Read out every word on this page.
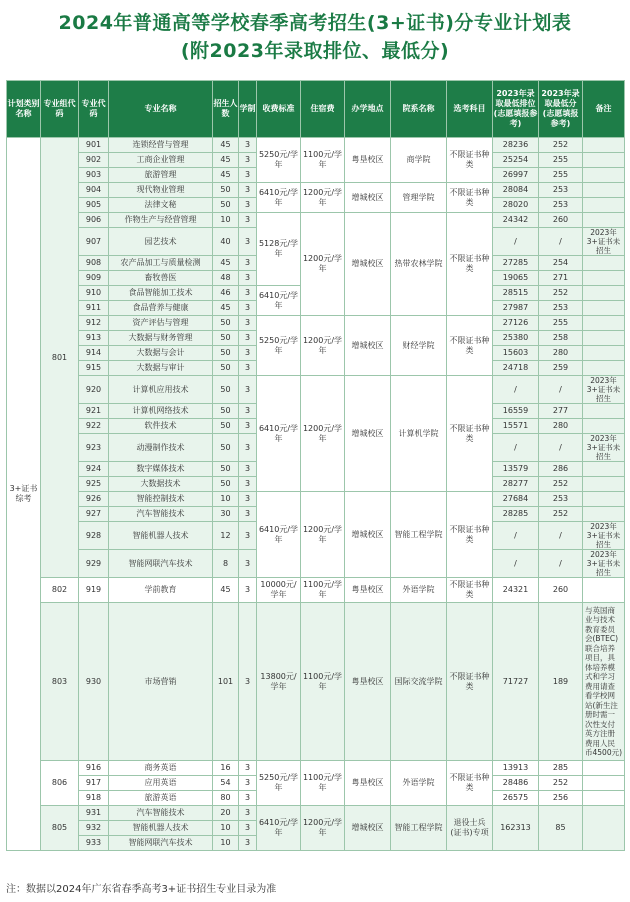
2024年普通高等学校春季高考招生(3+证书)分专业计划表
(附2023年录取排位、最低分)
计划类别名称	专业组代码	专业代码	专业名称	招生人数	学制	收费标准	住宿费	办学地点	院系名称	选考科目	2023年录取最低排位(志愿填报参考)	2023年录取最低分(志愿填报参考)	备注
3+证书综考	801	901	连锁经营与管理	45	3	5250元/学年	1100元/学年	粤垦校区	商学院	不限证书种类	28236	252	
		902	工商企业管理	45	3						25254	255	
		903	旅游管理	45	3						26997	255	
		904	现代物业管理	50	3	6410元/学年	1200元/学年	增城校区	管理学院	不限证书种类	28084	253	
		905	法律文秘	50	3						28020	253	
		906	作物生产与经营管理	10	3	5128元/学年	1200元/学年	增城校区	热带农林学院	不限证书种类	24342	260	
		907	园艺技术	40	3						/	/	2023年3+证书未招生
		908	农产品加工与质量检测	45	3						27285	254	
		909	畜牧兽医	48	3						19065	271	
		910	食品智能加工技术	46	3	6410元/学年					28515	252	
		911	食品营养与健康	45	3						27987	253	
		912	资产评估与管理	50	3	5250元/学年	1200元/学年	增城校区	财经学院	不限证书种类	27126	255	
		913	大数据与财务管理	50	3						25380	258	
		914	大数据与会计	50	3						15603	280	
		915	大数据与审计	50	3						24718	259	
		920	计算机应用技术	50	3	6410元/学年	1200元/学年	增城校区	计算机学院	不限证书种类	/	/	2023年3+证书未招生
		921	计算机网络技术	50	3						16559	277	
		922	软件技术	50	3						15571	280	
		923	动漫制作技术	50	3						/	/	2023年3+证书未招生
		924	数字媒体技术	50	3						13579	286	
		925	大数据技术	50	3						28277	252	
		926	智能控制技术	10	3	6410元/学年	1200元/学年	增城校区	智能工程学院	不限证书种类	27684	253	
		927	汽车智能技术	30	3						28285	252	
		928	智能机器人技术	12	3						/	/	2023年3+证书未招生
		929	智能网联汽车技术	8	3						/	/	2023年3+证书未招生
	802	919	学前教育	45	3	10000元/学年	1100元/学年	粤垦校区	外语学院	不限证书种类	24321	260	
	803	930	市场营销	101	3	13800元/学年	1100元/学年	粤垦校区	国际交流学院	不限证书种类	71727	189	与英国商业与技术教育委员会(BTEC)联合培养项目，具体培养模式和学习费用请查看学校网站(新生注册时需一次性支付英方注册费用人民币4500元)
	806	916	商务英语	16	3	5250元/学年	1100元/学年	粤垦校区	外语学院	不限证书种类	13913	285	
		917	应用英语	54	3						28486	252	
		918	旅游英语	80	3						26575	256	
	805	931	汽车智能技术	20	3	6410元/学年	1200元/学年	增城校区	智能工程学院	退役士兵(证书)专项	162313	85	
		932	智能机器人技术	10	3								
		933	智能网联汽车技术	10	3								
注：数据以2024年广东省春季高考3+证书招生专业目录为准
